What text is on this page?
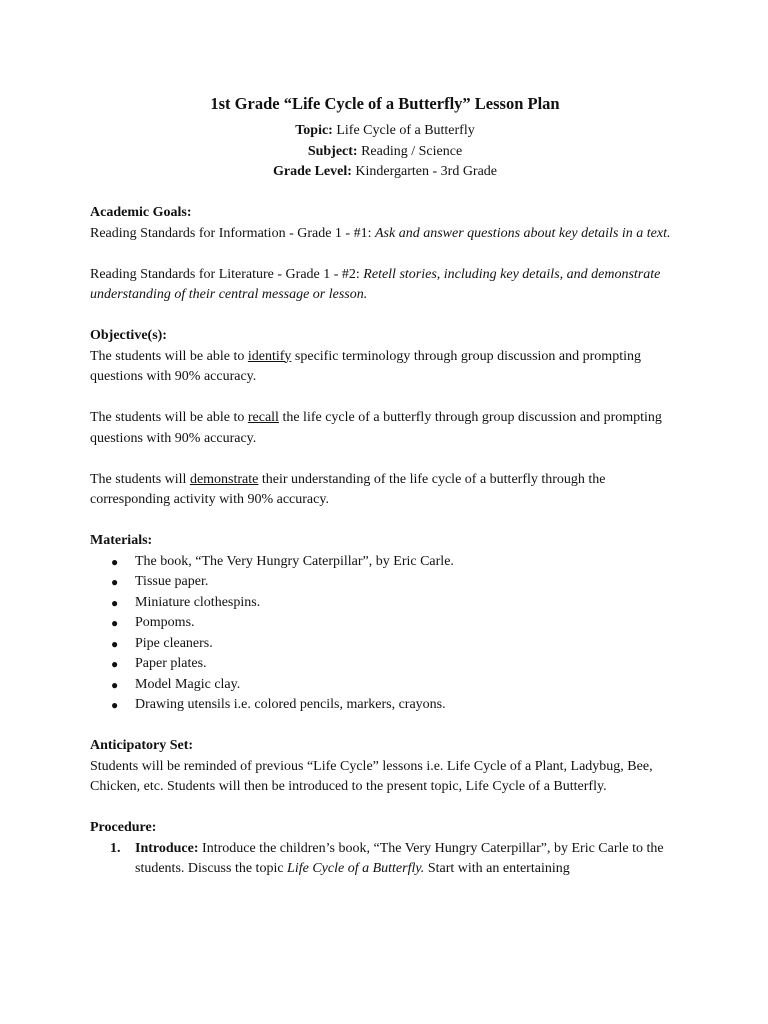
1st Grade “Life Cycle of a Butterfly” Lesson Plan
Topic: Life Cycle of a Butterfly
Subject: Reading / Science
Grade Level: Kindergarten - 3rd Grade
Academic Goals:
Reading Standards for Information - Grade 1 - #1: Ask and answer questions about key details in a text.
Reading Standards for Literature - Grade 1 - #2: Retell stories, including key details, and demonstrate understanding of their central message or lesson.
Objective(s):
The students will be able to identify specific terminology through group discussion and prompting questions with 90% accuracy.
The students will be able to recall the life cycle of a butterfly through group discussion and prompting questions with 90% accuracy.
The students will demonstrate their understanding of the life cycle of a butterfly through the corresponding activity with 90% accuracy.
Materials:
● The book, “The Very Hungry Caterpillar”, by Eric Carle.
● Tissue paper.
● Miniature clothespins.
● Pompoms.
● Pipe cleaners.
● Paper plates.
● Model Magic clay.
● Drawing utensils i.e. colored pencils, markers, crayons.
Anticipatory Set:
Students will be reminded of previous “Life Cycle” lessons i.e. Life Cycle of a Plant, Ladybug, Bee, Chicken, etc. Students will then be introduced to the present topic, Life Cycle of a Butterfly.
Procedure:
1. Introduce: Introduce the children’s book, “The Very Hungry Caterpillar”, by Eric Carle to the students. Discuss the topic Life Cycle of a Butterfly. Start with an entertaining
